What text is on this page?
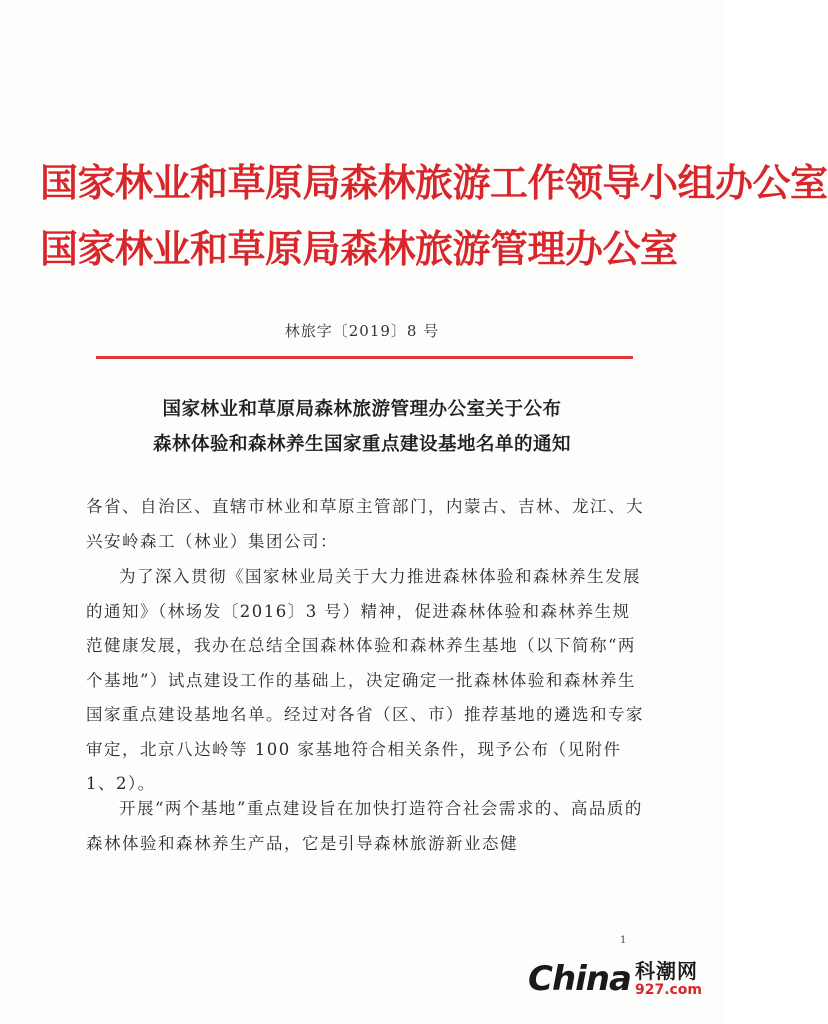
国家林业和草原局森林旅游工作领导小组办公室
国家林业和草原局森林旅游管理办公室
林旅字〔2019〕8 号
国家林业和草原局森林旅游管理办公室关于公布
森林体验和森林养生国家重点建设基地名单的通知
各省、自治区、直辖市林业和草原主管部门，内蒙古、吉林、龙江、大兴安岭森工（林业）集团公司：
为了深入贯彻《国家林业局关于大力推进森林体验和森林养生发展的通知》（林场发〔2016〕3 号）精神，促进森林体验和森林养生规范健康发展，我办在总结全国森林体验和森林养生基地（以下简称“两个基地”）试点建设工作的基础上，决定确定一批森林体验和森林养生国家重点建设基地名单。经过对各省（区、市）推荐基地的遴选和专家审定，北京八达岭等 100 家基地符合相关条件，现予公布（见附件 1、2）。
开展“两个基地”重点建设旨在加快打造符合社会需求的、高品质的森林体验和森林养生产品，它是引导森林旅游新业态健
1
China 科潮网
927.com
